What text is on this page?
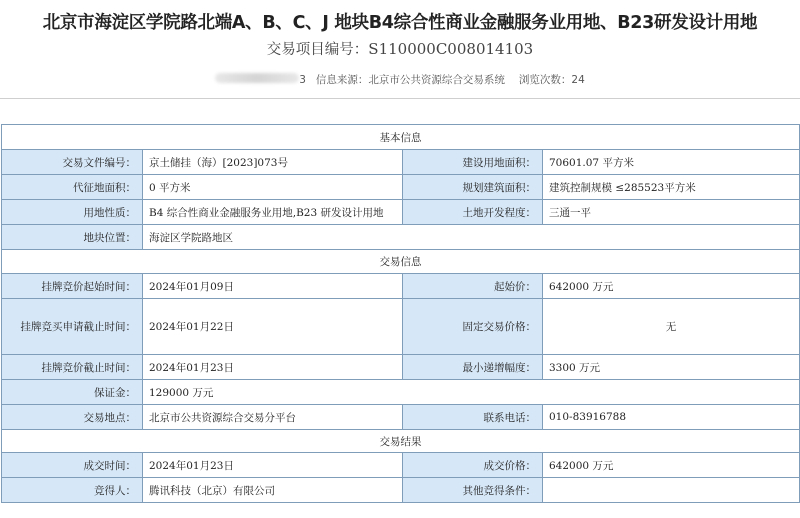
北京市海淀区学院路北端A、B、C、J 地块B4综合性商业金融服务业用地、B23研发设计用地
交易项目编号：S110000C008014103
3 信息来源：北京市公共资源综合交易系统 浏览次数：24
基本信息			
交易文件编号：	京土储挂（海）[2023]073号	建设用地面积：	70601.07 平方米
代征地面积：	0 平方米	规划建筑面积：	建筑控制规模 ≤285523平方米
用地性质：	B4 综合性商业金融服务业用地,B23 研发设计用地	土地开发程度：	三通一平
地块位置：	海淀区学院路地区		
交易信息			
挂牌竞价起始时间：	2024年01月09日	起始价：	642000 万元
挂牌竞买申请截止时间：	2024年01月22日	固定交易价格：	无
挂牌竞价截止时间：	2024年01月23日	最小递增幅度：	3300 万元
保证金：	129000 万元		
交易地点：	北京市公共资源综合交易分平台	联系电话：	010-83916788
交易结果			
成交时间：	2024年01月23日	成交价格：	642000 万元
竞得人：	腾讯科技（北京）有限公司	其他竞得条件：	
